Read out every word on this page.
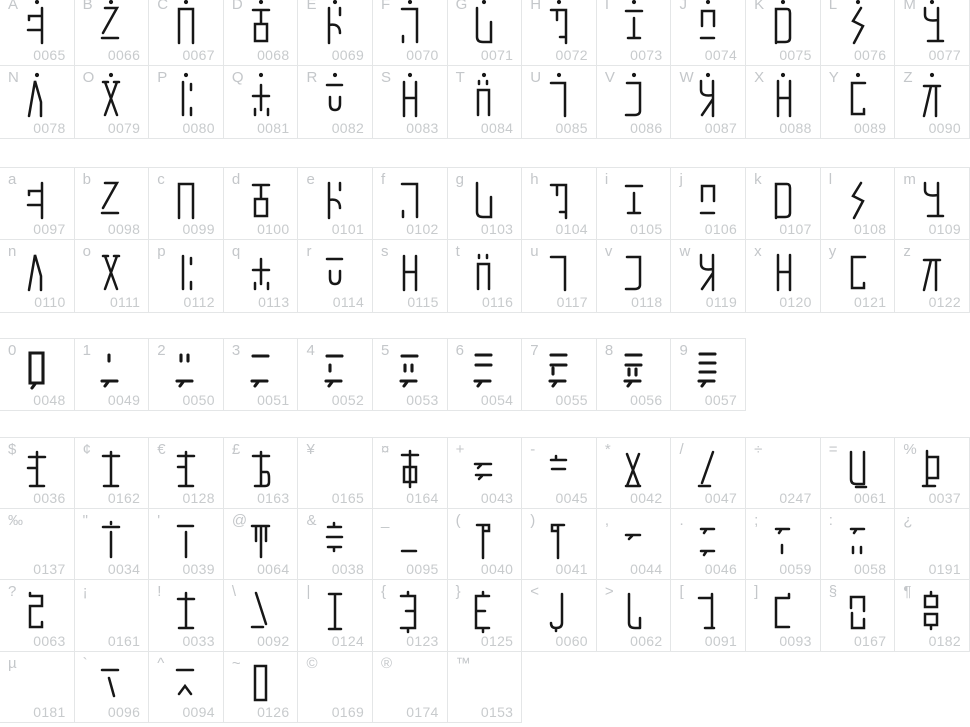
A
0065
B
0066
C
0067
D
0068
E
0069
F
0070
G
0071
H
0072
I
0073
J
0074
K
0075
L
0076
M
0077
N
0078
O
0079
P
0080
Q
0081
R
0082
S
0083
T
0084
U
0085
V
0086
W
0087
X
0088
Y
0089
Z
0090
a
0097
b
0098
c
0099
d
0100
e
0101
f
0102
g
0103
h
0104
i
0105
j
0106
k
0107
l
0108
m
0109
n
0110
o
0111
p
0112
q
0113
r
0114
s
0115
t
0116
u
0117
v
0118
w
0119
x
0120
y
0121
z
0122
0
0048
1
0049
2
0050
3
0051
4
0052
5
0053
6
0054
7
0055
8
0056
9
0057
$
0036
¢
0162
€
0128
£
0163
¥
0165
¤
0164
+
0043
-
0045
*
0042
/
0047
÷
0247
=
0061
%
0037
‰
0137
"
0034
'
0039
@
0064
&
0038
_
0095
(
0040
)
0041
,
0044
.
0046
;
0059
:
0058
¿
0191
?
0063
¡
0161
!
0033
\
0092
|
0124
{
0123
}
0125
<
0060
>
0062
[
0091
]
0093
§
0167
¶
0182
µ
0181
`
0096
^
0094
~
0126
©
0169
®
0174
™
0153
